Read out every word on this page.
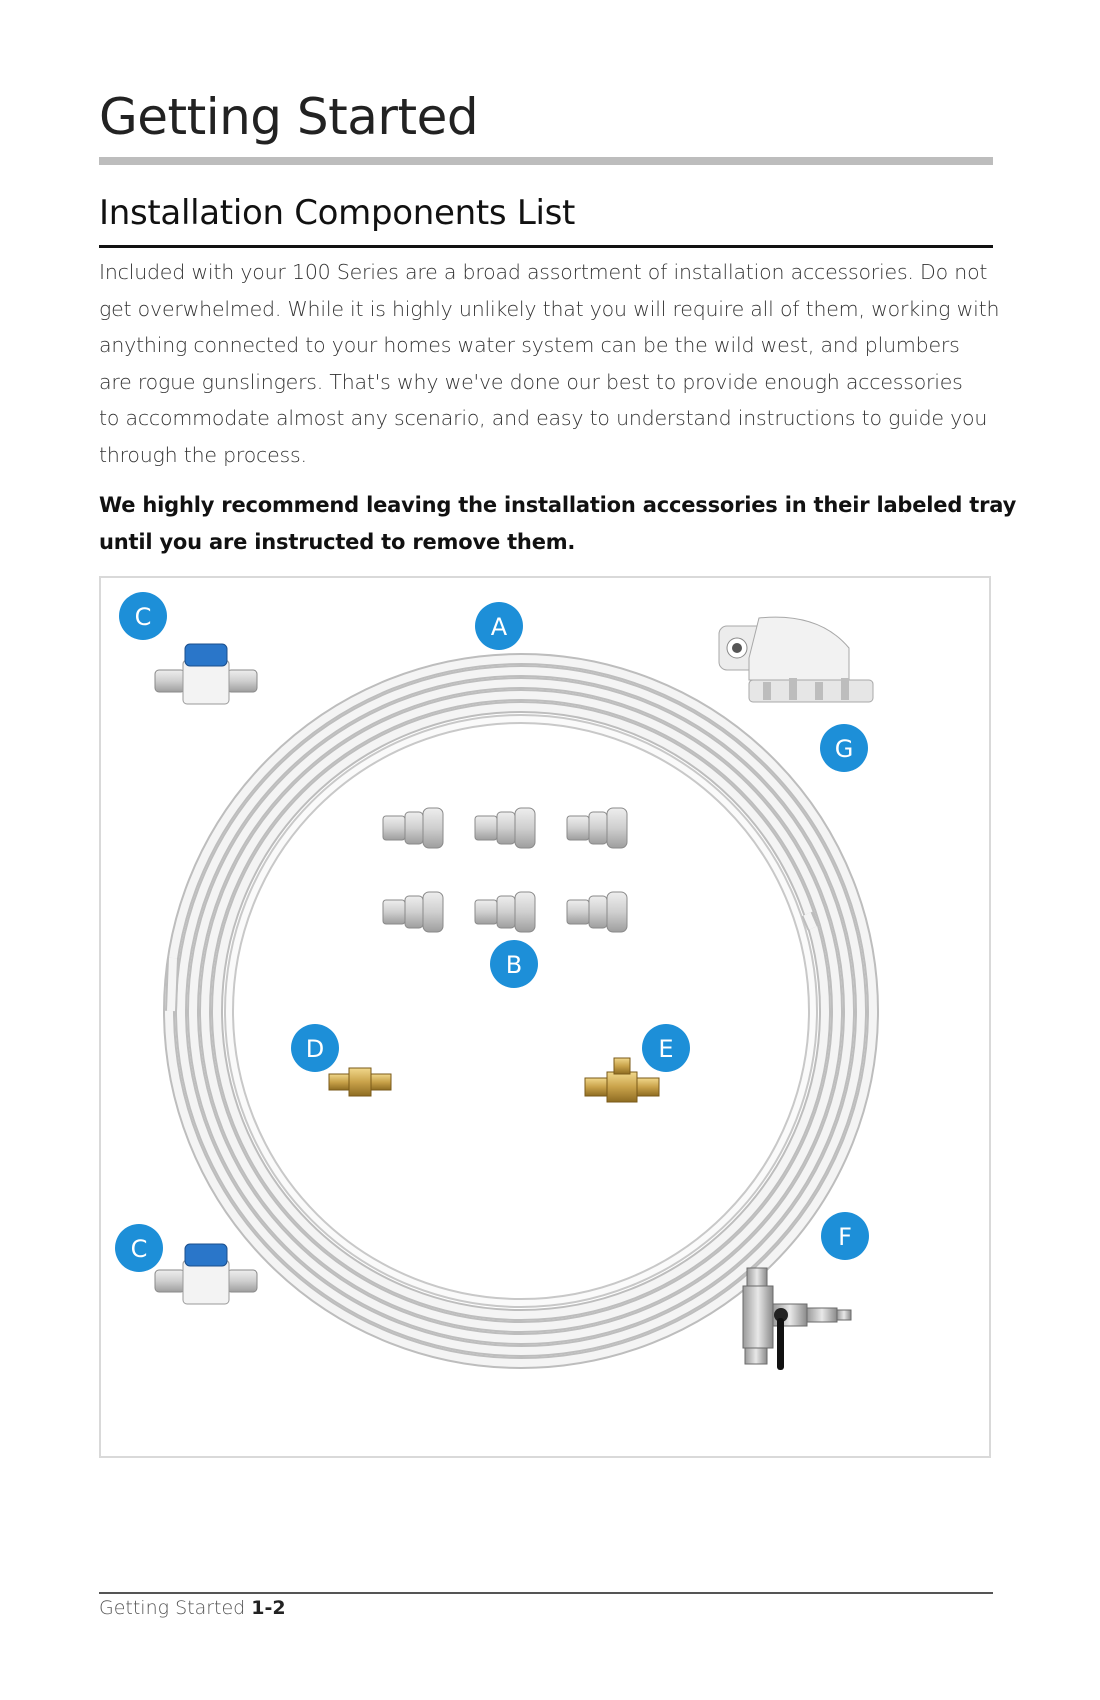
Getting Started
Installation Components List

Included with your 100 Series are a broad assortment of installation accessories. Do not
get overwhelmed. While it is highly unlikely that you will require all of them, working with
anything connected to your homes water system can be the wild west, and plumbers
are rogue gunslingers. That's why we've done our best to provide enough accessories
to accommodate almost any scenario, and easy to understand instructions to guide you
through the process.

We highly recommend leaving the installation accessories in their labeled tray
until you are instructed to remove them.

A
B
C
C
D	E
F
G
Getting Started 1-2
